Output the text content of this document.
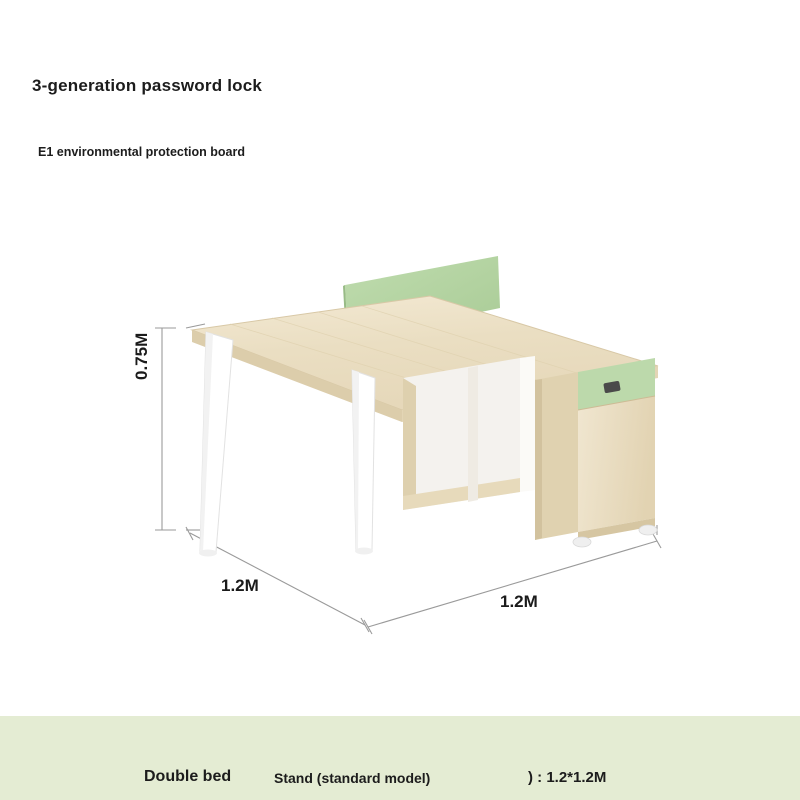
3-generation password lock
E1 environmental protection board
0.75M
1.2M
1.2M
Double bed	Stand (standard model)	) : 1.2*1.2M
